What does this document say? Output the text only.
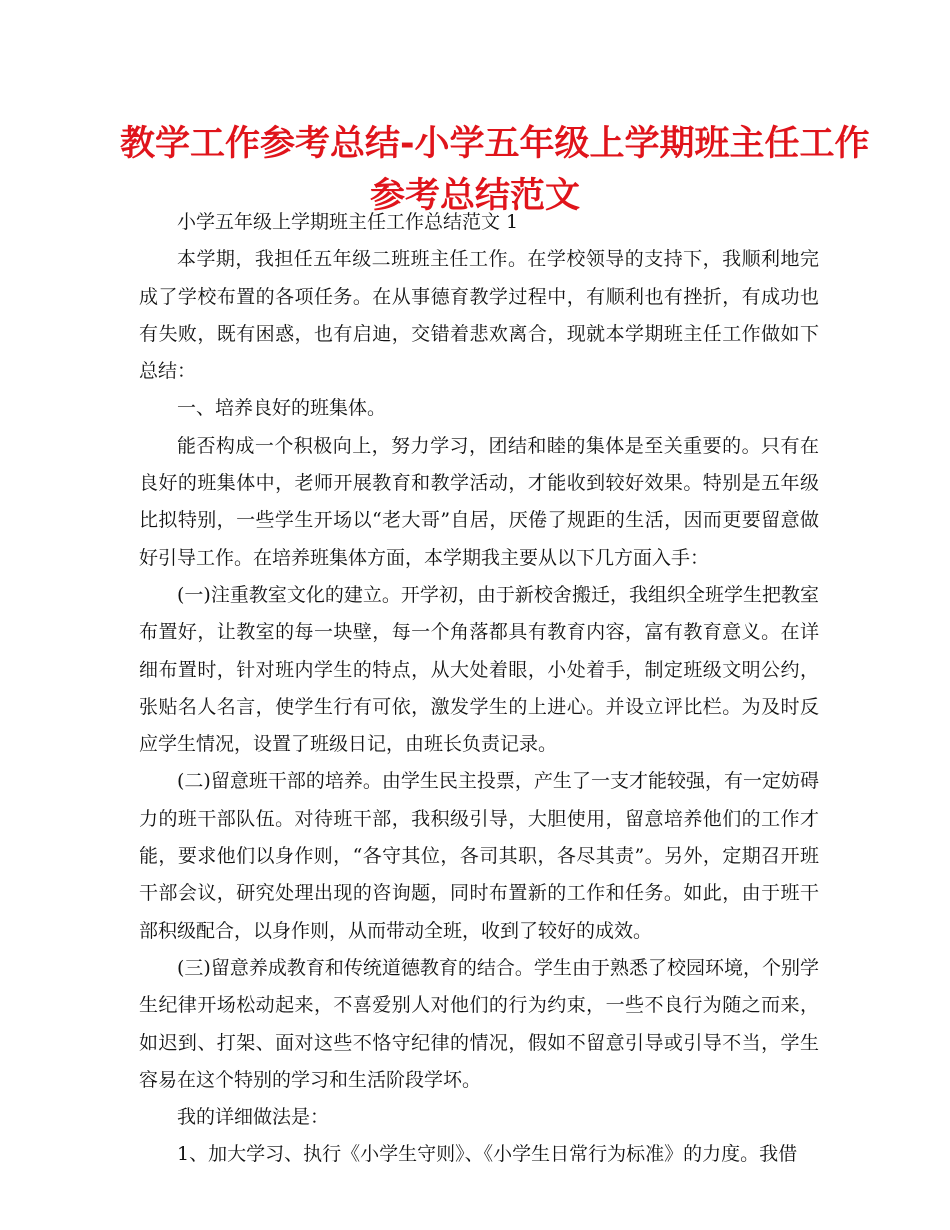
教学工作参考总结-小学五年级上学期班主任工作
参考总结范文

小学五年级上学期班主任工作总结范文 1

本学期，我担任五年级二班班主任工作。在学校领导的支持下，我顺利地完成了学校布置的各项任务。在从事德育教学过程中，有顺利也有挫折，有成功也有失败，既有困惑，也有启迪，交错着悲欢离合，现就本学期班主任工作做如下总结：

一、培养良好的班集体。

能否构成一个积极向上，努力学习，团结和睦的集体是至关重要的。只有在良好的班集体中，老师开展教育和教学活动，才能收到较好效果。特别是五年级比拟特别，一些学生开场以“老大哥”自居，厌倦了规距的生活，因而更要留意做好引导工作。在培养班集体方面，本学期我主要从以下几方面入手：

(一)注重教室文化的建立。开学初，由于新校舍搬迁，我组织全班学生把教室布置好，让教室的每一块壁，每一个角落都具有教育内容，富有教育意义。在详细布置时，针对班内学生的特点，从大处着眼，小处着手，制定班级文明公约，张贴名人名言，使学生行有可依，激发学生的上进心。并设立评比栏。为及时反应学生情况，设置了班级日记，由班长负责记录。

(二)留意班干部的培养。由学生民主投票，产生了一支才能较强，有一定妨碍力的班干部队伍。对待班干部，我积级引导，大胆使用，留意培养他们的工作才能，要求他们以身作则，“各守其位，各司其职，各尽其责”。另外，定期召开班干部会议，研究处理出现的咨询题，同时布置新的工作和任务。如此，由于班干部积级配合，以身作则，从而带动全班，收到了较好的成效。

(三)留意养成教育和传统道德教育的结合。学生由于熟悉了校园环境，个别学生纪律开场松动起来，不喜爱别人对他们的行为约束，一些不良行为随之而来，如迟到、打架、面对这些不恪守纪律的情况，假如不留意引导或引导不当，学生容易在这个特别的学习和生活阶段学坏。

我的详细做法是：

1、加大学习、执行《小学生守则》、《小学生日常行为标准》的力度。我借
